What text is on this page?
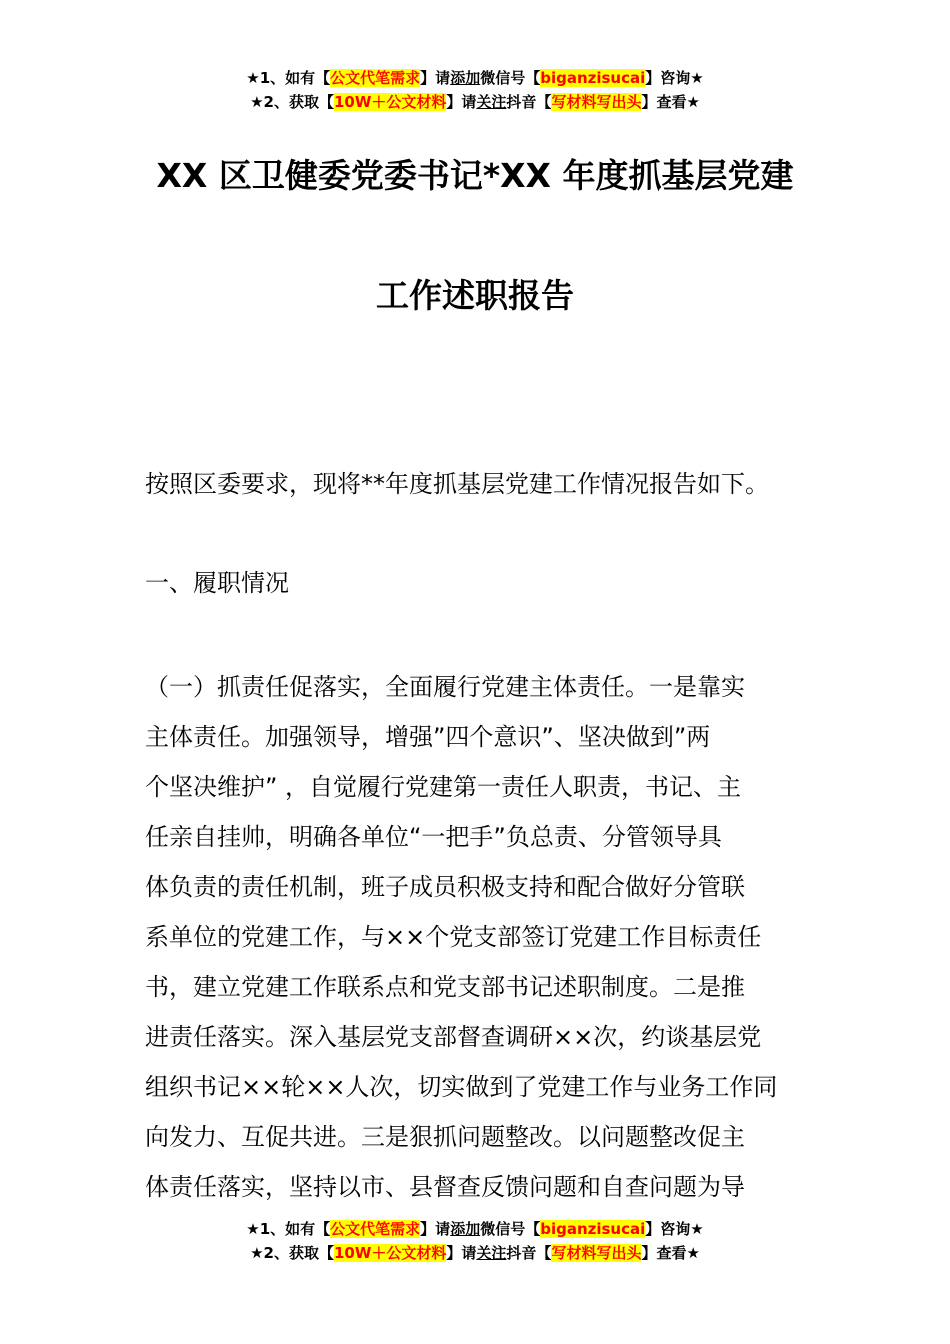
★1、如有【公文代笔需求】请添加微信号【biganzisucai】咨询★
★2、获取【10W＋公文材料】请关注抖音【写材料写出头】查看★
XX 区卫健委党委书记*XX 年度抓基层党建
工作述职报告
按照区委要求，现将**年度抓基层党建工作情况报告如下。
一、履职情况
（一）抓责任促落实，全面履行党建主体责任。一是靠实
主体责任。加强领导，增强”四个意识”、坚决做到”两
个坚决维护” ，自觉履行党建第一责任人职责，书记、主
任亲自挂帅，明确各单位“一把手”负总责、分管领导具
体负责的责任机制，班子成员积极支持和配合做好分管联
系单位的党建工作，与××个党支部签订党建工作目标责任
书，建立党建工作联系点和党支部书记述职制度。二是推
进责任落实。深入基层党支部督查调研××次，约谈基层党
组织书记××轮××人次，切实做到了党建工作与业务工作同
向发力、互促共进。三是狠抓问题整改。以问题整改促主
体责任落实，坚持以市、县督查反馈问题和自查问题为导
★1、如有【公文代笔需求】请添加微信号【biganzisucai】咨询★
★2、获取【10W＋公文材料】请关注抖音【写材料写出头】查看★
